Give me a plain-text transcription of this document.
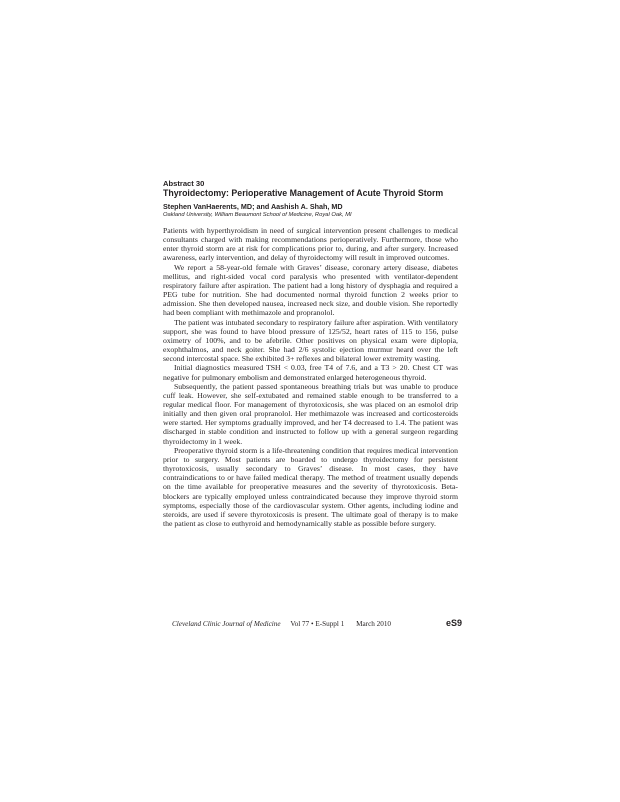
Abstract 30
Thyroidectomy: Perioperative Management of Acute Thyroid Storm
Stephen VanHaerents, MD; and Aashish A. Shah, MD
Oakland University, William Beaumont School of Medicine, Royal Oak, MI

Patients with hyperthyroidism in need of surgical intervention present challenges to medical consultants charged with making recommendations perioperatively. Furthermore, those who enter thyroid storm are at risk for complications prior to, during, and after surgery. Increased awareness, early intervention, and delay of thyroidectomy will result in improved outcomes.

We report a 58-year-old female with Graves’ disease, coronary artery disease, diabetes mellitus, and right-sided vocal cord paralysis who presented with ventilator-dependent respiratory failure after aspiration. The patient had a long history of dysphagia and required a PEG tube for nutrition. She had documented normal thyroid function 2 weeks prior to admission. She then developed nausea, increased neck size, and double vision. She reportedly had been compliant with methimazole and propranolol.

The patient was intubated secondary to respiratory failure after aspiration. With ventilatory support, she was found to have blood pressure of 125/52, heart rates of 115 to 156, pulse oximetry of 100%, and to be afebrile. Other positives on physical exam were diplopia, exophthalmos, and neck goiter. She had 2/6 systolic ejection murmur heard over the left second intercostal space. She exhibited 3+ reflexes and bilateral lower extremity wasting.

Initial diagnostics measured TSH < 0.03, free T4 of 7.6, and a T3 > 20. Chest CT was negative for pulmonary embolism and demonstrated enlarged heterogeneous thyroid.

Subsequently, the patient passed spontaneous breathing trials but was unable to produce cuff leak. However, she self-extubated and remained stable enough to be transferred to a regular medical floor. For management of thyrotoxicosis, she was placed on an esmolol drip initially and then given oral propranolol. Her methimazole was increased and corticosteroids were started. Her symptoms gradually improved, and her T4 decreased to 1.4. The patient was discharged in stable condition and instructed to follow up with a general surgeon regarding thyroidectomy in 1 week.

Preoperative thyroid storm is a life-threatening condition that requires medical intervention prior to surgery. Most patients are boarded to undergo thyroidectomy for persistent thyrotoxicosis, usually secondary to Graves’ disease. In most cases, they have contraindications to or have failed medical therapy. The method of treatment usually depends on the time available for preoperative measures and the severity of thyrotoxicosis. Beta-blockers are typically employed unless contraindicated because they improve thyroid storm symptoms, especially those of the cardiovascular system. Other agents, including iodine and steroids, are used if severe thyrotoxicosis is present. The ultimate goal of therapy is to make the patient as close to euthyroid and hemodynamically stable as possible before surgery.

Cleveland Clinic Journal of Medicine Vol 77 • E-Suppl 1 March 2010	eS9
